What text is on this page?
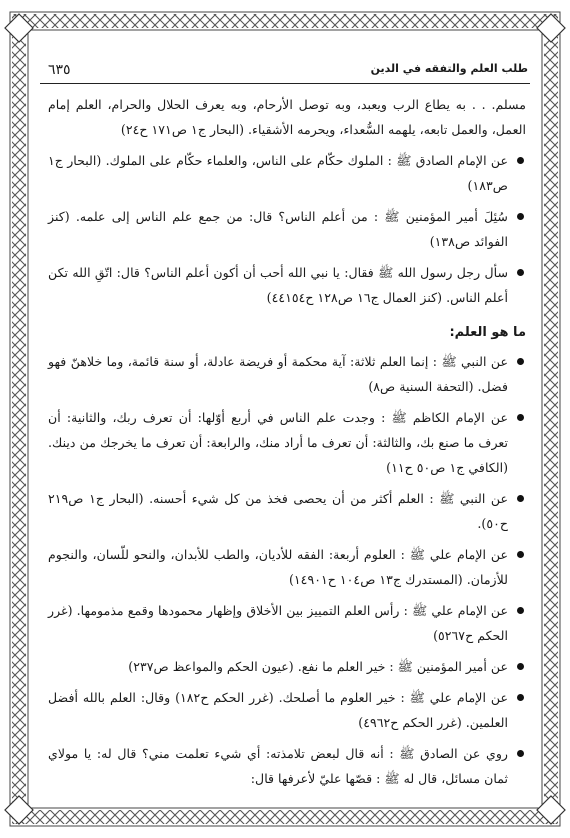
٦٣٥	طلب العلم والتفقه في الدين

مسلم. . . به يطاع الرب ويعبد، وبه توصل الأرحام، وبه يعرف الحلال والحرام، العلم إمام العمل، والعمل تابعه، يلهمه السُّعداء، ويحرمه الأشقياء. (البحار ج١ ص١٧١ ح٢٤)

عن الإمام الصادق ﷺ : الملوك حكّام على الناس، والعلماء حكّام على الملوك. (البحار ج١ ص١٨٣)
سُئِلَ أمير المؤمنين ﷺ : من أعلم الناس؟ قال: من جمع علم الناس إلى علمه. (كنز الفوائد ص١٣٨)
سأل رجل رسول الله ﷺ فقال: يا نبي الله أحب أن أكون أعلم الناس؟ قال: اتّقِ الله تكن أعلم الناس. (كنز العمال ج١٦ ص١٢٨ ح٤٤١٥٤)
ما هو العلم:
عن النبي ﷺ : إنما العلم ثلاثة: آية محكمة أو فريضة عادلة، أو سنة قائمة، وما خلاهنّ فهو فضل. (التحفة السنية ص٨)
عن الإمام الكاظم ﷺ : وجدت علم الناس في أربع أوّلها: أن تعرف ربك، والثانية: أن تعرف ما صنع بك، والثالثة: أن تعرف ما أراد منك، والرابعة: أن تعرف ما يخرجك من دينك. (الكافي ج١ ص٥٠ ح١١)
عن النبي ﷺ : العلم أكثر من أن يحصى فخذ من كل شيء أحسنه. (البحار ج١ ص٢١٩ ح٥٠).
عن الإمام علي ﷺ : العلوم أربعة: الفقه للأديان، والطب للأبدان، والنحو للّسان، والنجوم للأزمان. (المستدرك ج١٣ ص١٠٤ ح١٤٩٠١)
عن الإمام علي ﷺ : رأس العلم التمييز بين الأخلاق وإظهار محمودها وقمع مذمومها. (غرر الحكم ح٥٢٦٧)
عن أمير المؤمنين ﷺ : خير العلم ما نفع. (عيون الحكم والمواعظ ص٢٣٧)
عن الإمام علي ﷺ : خير العلوم ما أصلحك. (غرر الحكم ح١٨٢) وقال: العلم بالله أفضل العلمين. (غرر الحكم ح٤٩٦٢)
روي عن الصادق ﷺ : أنه قال لبعض تلامذته: أي شيء تعلمت مني؟ قال له: يا مولاي ثمان مسائل، قال له ﷺ : قصّها عليّ لأعرفها قال:
